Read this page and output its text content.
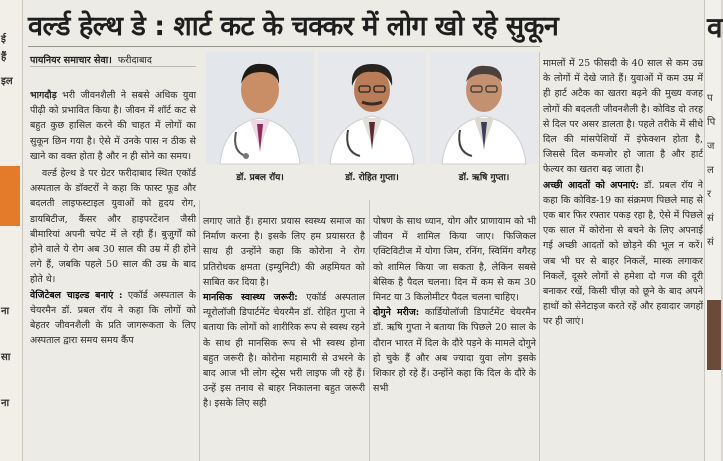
ई
हैं
इल
ना
सा
ना
व
प
पि
ज
ल
र
सं
सं
वर्ल्ड हेल्थ डे : शार्ट कट के चक्कर में लोग खो रहे सुकून
पायनियर समाचार सेवा। फरीदाबाद
डॉ. प्रबल रॉय।	डॉ. रोहित गुप्ता।	डॉ. ऋषि गुप्ता।

भागदौड़ भरी जीवनशैली ने सबसे अधिक युवा पीढ़ी को प्रभावित किया है। जीवन में शॉर्ट कट से बहुत कुछ हासिल करने की चाहत में लोगों का सुकून छिन गया है। ऐसे में उनके पास न ठीक से खाने का वक्त होता है और न ही सोने का समय।

वर्ल्ड हेल्थ डे पर ग्रेटर फरीदाबाद स्थित एकॉर्ड अस्पताल के डॉक्टरों ने कहा कि फास्ट फूड और बदलती लाइफस्टाइल युवाओं को हृदय रोग, डायबिटीज, कैंसर और हाइपरटेंशन जैसी बीमारियां अपनी चपेट में ले रही हैं। बुजुर्गों को होने वाले ये रोग अब 30 साल की उम्र में ही होने लगे हैं, जबकि पहले 50 साल की उम्र के बाद होते थे।

वेजिटेबल चाइल्ड बनाएं : एकॉर्ड अस्पताल के चेयरमैन डॉ. प्रबल रॉय ने कहा कि लोगों को बेहतर जीवनशैली के प्रति जागरूकता के लिए अस्पताल द्वारा समय समय कैंप

लगाए जाते हैं। हमारा प्रयास स्वस्थ्य समाज का निर्माण करना है। इसके लिए हम प्रयासरत है साथ ही उन्होंने कहा कि कोरोना ने रोग प्रतिरोधक क्षमता (इम्युनिटी) की अहमियत को साबित कर दिया है।

मानसिक स्वास्थ्य जरूरी: एकॉर्ड अस्पताल न्यूरोलॉजी डिपार्टमेंट चेयरमैन डॉ. रोहित गुप्ता ने बताया कि लोगों को शारीरिक रूप से स्वस्थ रहने के साथ ही मानसिक रूप से भी स्वस्थ होना बहुत जरूरी है। कोरोना महामारी से उभरने के बाद आज भी लोग स्ट्रेस भरी लाइफ जी रहे हैं। उन्हें इस तनाव से बाहर निकालना बहुत जरूरी है। इसके लिए सही

पोषण के साथ ध्यान, योग और प्राणायाम को भी जीवन में शामिल किया जाए। फिजिकल एक्टिविटीज में योगा जिम, रनिंग, स्विमिंग वगैरह को शामिल किया जा सकता है, लेकिन सबसे बेसिक है पैदल चलना। दिन में कम से कम 30 मिनट या 3 किलोमीटर पैदल चलना चाहिए।

दोगुने मरीज: कार्डियोलॉजी डिपार्टमेंट चेयरमैन डॉ. ऋषि गुप्ता ने बताया कि पिछले 20 साल के दौरान भारत में दिल के दौरे पड़ने के मामले दोगुने हो चुके हैं और अब ज्यादा युवा लोग इसके शिकार हो रहे हैं। उन्होंने कहा कि दिल के दौरे के सभी

मामलों में 25 फीसदी के 40 साल से कम उम्र के लोगों में देखे जाते हैं। युवाओं में कम उम्र में ही हार्ट अटैक का खतरा बढ़ने की मुख्य वजह लोगों की बदलती जीवनशैली है। कोविड दो तरह से दिल पर असर डालता है। पहले तरीके में सीधे दिल की मांसपेशियों में इंफेक्शन होता है, जिससे दिल कमजोर हो जाता है और हार्ट फेल्यर का खतरा बढ़ जाता है।

अच्छी आदतों को अपनाएं: डॉ. प्रबल रॉय ने कहा कि कोविड-19 का संक्रमण पिछले माह से एक बार फिर रफ्तार पकड़ रहा है, ऐसे में पिछले एक साल में कोरोना से बचने के लिए अपनाई गई अच्छी आदतों को छोड़ने की भूल न करें। जब भी घर से बाहर निकलें, मास्क लगाकर निकलें, दूसरे लोगों से हमेशा दो गज की दूरी बनाकर रखें, किसी चीज़ को छूने के बाद अपने हाथों को सेनेटाइज करते रहें और हवादार जगहों पर ही जाएं।
